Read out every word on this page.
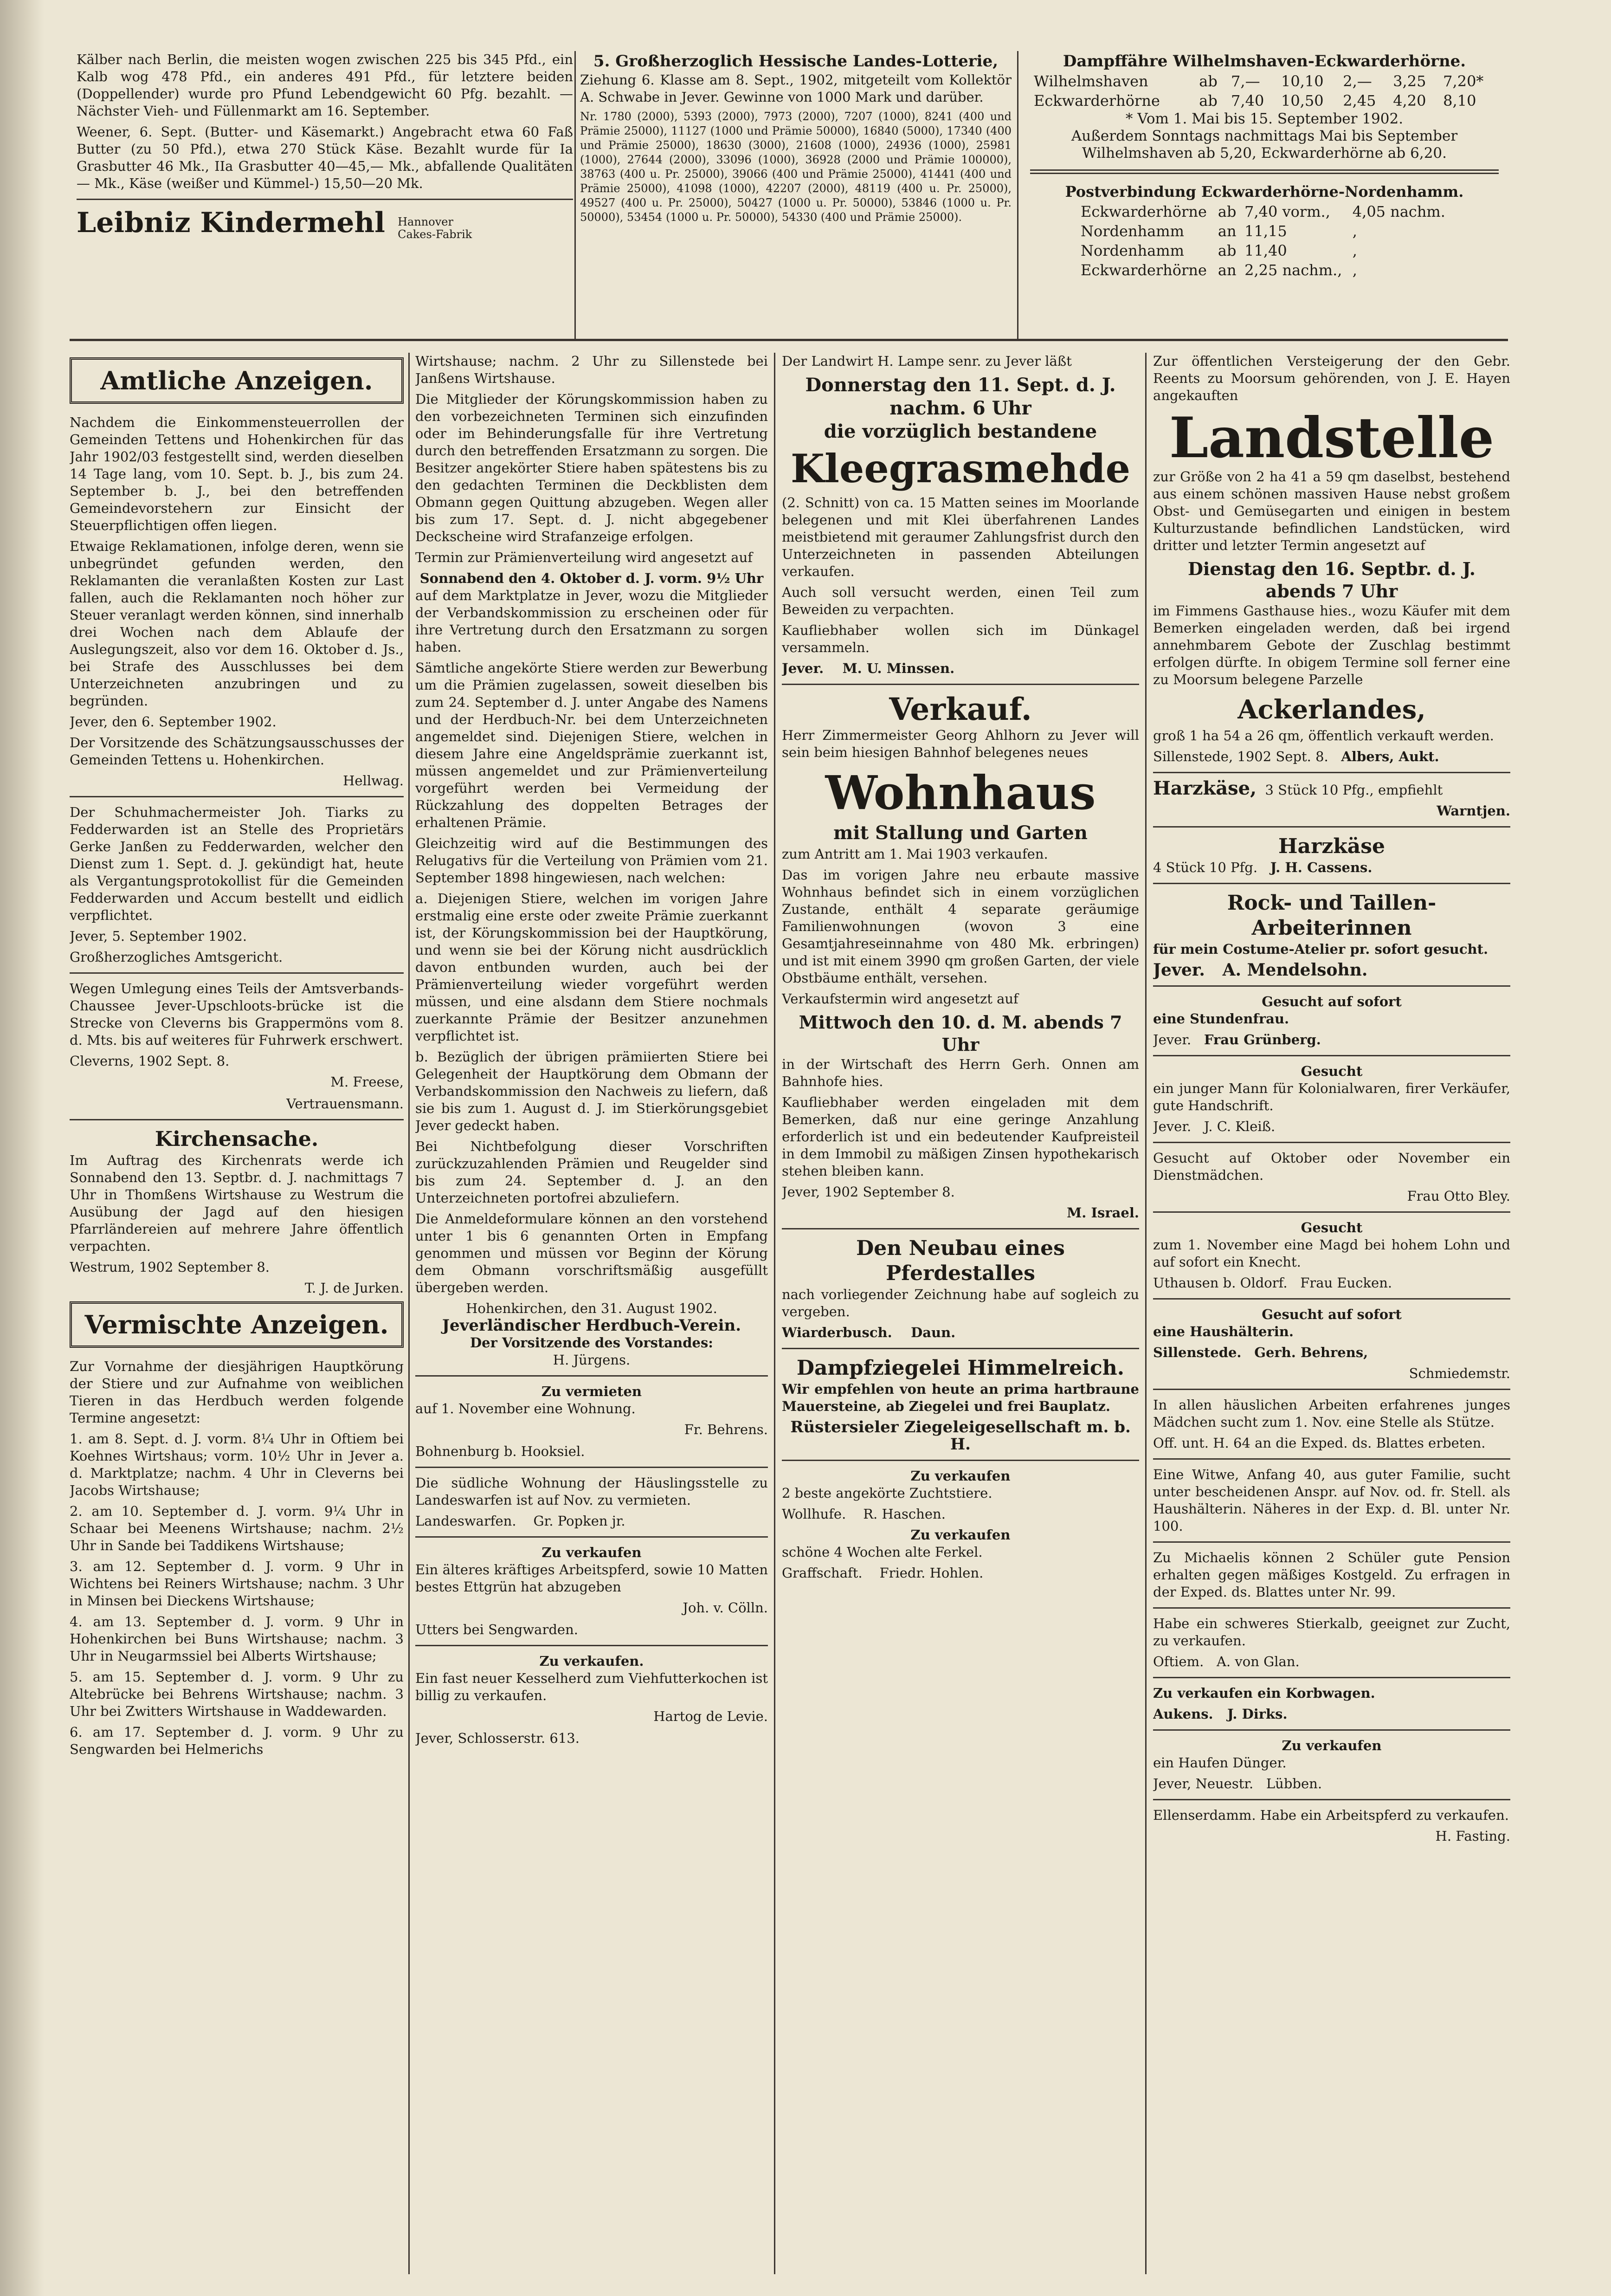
Kälber nach Berlin, die meisten wogen zwischen 225 bis 345 Pfd., ein Kalb wog 478 Pfd., ein anderes 491 Pfd., für letztere beiden (Doppellender) wurde pro Pfund Lebendgewicht 60 Pfg. bezahlt. — Nächster Vieh- und Füllenmarkt am 16. September.

Weener, 6. Sept. (Butter- und Käsemarkt.) Angebracht etwa 60 Faß Butter (zu 50 Pfd.), etwa 270 Stück Käse. Bezahlt wurde für Ia Grasbutter 46 Mk., IIa Grasbutter 40—45,— Mk., abfallende Qualitäten — Mk., Käse (weißer und Kümmel-) 15,50—20 Mk.

Leibniz Kindermehl Hannover
Cakes-Fabrik
5. Großherzoglich Hessische Landes-Lotterie,

Ziehung 6. Klasse am 8. Sept., 1902, mitgeteilt vom Kollektör A. Schwabe in Jever. Gewinne von 1000 Mark und darüber.

Nr. 1780 (2000), 5393 (2000), 7973 (2000), 7207 (1000), 8241 (400 und Prämie 25000), 11127 (1000 und Prämie 50000), 16840 (5000), 17340 (400 und Prämie 25000), 18630 (3000), 21608 (1000), 24936 (1000), 25981 (1000), 27644 (2000), 33096 (1000), 36928 (2000 und Prämie 100000), 38763 (400 u. Pr. 25000), 39066 (400 und Prämie 25000), 41441 (400 und Prämie 25000), 41098 (1000), 42207 (2000), 48119 (400 u. Pr. 25000), 49527 (400 u. Pr. 25000), 50427 (1000 u. Pr. 50000), 53846 (1000 u. Pr. 50000), 53454 (1000 u. Pr. 50000), 54330 (400 und Prämie 25000).

Dampffähre Wilhelmshaven-Eckwarderhörne.
Wilhelmshaven	ab	7,—	10,10	2,—	3,25	7,20*
Eckwarderhörne	ab	7,40	10,50	2,45	4,20	8,10
* Vom 1. Mai bis 15. September 1902.
Außerdem Sonntags nachmittags Mai bis September Wilhelmshaven ab 5,20, Eckwarderhörne ab 6,20.
Postverbindung Eckwarderhörne-Nordenhamm.
Eckwarderhörne	ab	7,40 vorm.,	4,05 nachm.
Nordenhamm	an	11,15	,
Nordenhamm	ab	11,40	,
Eckwarderhörne	an	2,25 nachm.,	,
Amtliche Anzeigen.

Nachdem die Einkommensteuerrollen der Gemeinden Tettens und Hohenkirchen für das Jahr 1902/03 festgestellt sind, werden dieselben 14 Tage lang, vom 10. Sept. b. J., bis zum 24. September b. J., bei den betreffenden Gemeindevorstehern zur Einsicht der Steuerpflichtigen offen liegen.

Etwaige Reklamationen, infolge deren, wenn sie unbegründet gefunden werden, den Reklamanten die veranlaßten Kosten zur Last fallen, auch die Reklamanten noch höher zur Steuer veranlagt werden können, sind innerhalb drei Wochen nach dem Ablaufe der Auslegungszeit, also vor dem 16. Oktober d. Js., bei Strafe des Ausschlusses bei dem Unterzeichneten anzubringen und zu begründen.

Jever, den 6. September 1902.

Der Vorsitzende des Schätzungsausschusses der Gemeinden Tettens u. Hohenkirchen.

Hellwag.

Der Schuhmachermeister Joh. Tiarks zu Fedderwarden ist an Stelle des Proprietärs Gerke Janßen zu Fedderwarden, welcher den Dienst zum 1. Sept. d. J. gekündigt hat, heute als Vergantungsprotokollist für die Gemeinden Fedderwarden und Accum bestellt und eidlich verpflichtet.

Jever, 5. September 1902.

Großherzogliches Amtsgericht.

Wegen Umlegung eines Teils der Amtsverbands-Chaussee Jever-Upschloots-brücke ist die Strecke von Cleverns bis Grappermöns vom 8. d. Mts. bis auf weiteres für Fuhrwerk erschwert.

Cleverns, 1902 Sept. 8.

M. Freese,
Vertrauensmann.
Kirchensache.

Im Auftrag des Kirchenrats werde ich Sonnabend den 13. Septbr. d. J. nachmittags 7 Uhr in Thomßens Wirtshause zu Westrum die Ausübung der Jagd auf den hiesigen Pfarrländereien auf mehrere Jahre öffentlich verpachten.

Westrum, 1902 September 8.

T. J. de Jurken.
Vermischte Anzeigen.

Zur Vornahme der diesjährigen Hauptkörung der Stiere und zur Aufnahme von weiblichen Tieren in das Herdbuch werden folgende Termine angesetzt:

1. am 8. Sept. d. J. vorm. 8¼ Uhr in Oftiem bei Koehnes Wirtshaus; vorm. 10½ Uhr in Jever a. d. Marktplatze; nachm. 4 Uhr in Cleverns bei Jacobs Wirtshause;

2. am 10. September d. J. vorm. 9¼ Uhr in Schaar bei Meenens Wirtshause; nachm. 2½ Uhr in Sande bei Taddikens Wirtshause;

3. am 12. September d. J. vorm. 9 Uhr in Wichtens bei Reiners Wirtshause; nachm. 3 Uhr in Minsen bei Dieckens Wirtshause;

4. am 13. September d. J. vorm. 9 Uhr in Hohenkirchen bei Buns Wirtshause; nachm. 3 Uhr in Neugarmssiel bei Alberts Wirtshause;

5. am 15. September d. J. vorm. 9 Uhr zu Altebrücke bei Behrens Wirtshause; nachm. 3 Uhr bei Zwitters Wirtshause in Waddewarden.

6. am 17. September d. J. vorm. 9 Uhr zu Sengwarden bei Helmerichs

Wirtshause; nachm. 2 Uhr zu Sillenstede bei Janßens Wirtshause.

Die Mitglieder der Körungskommission haben zu den vorbezeichneten Terminen sich einzufinden oder im Behinderungsfalle für ihre Vertretung durch den betreffenden Ersatzmann zu sorgen. Die Besitzer angekörter Stiere haben spätestens bis zu den gedachten Terminen die Deckblisten dem Obmann gegen Quittung abzugeben. Wegen aller bis zum 17. Sept. d. J. nicht abgegebener Deckscheine wird Strafanzeige erfolgen.

Termin zur Prämienverteilung wird angesetzt auf

Sonnabend den 4. Oktober d. J. vorm. 9½ Uhr

auf dem Marktplatze in Jever, wozu die Mitglieder der Verbandskommission zu erscheinen oder für ihre Vertretung durch den Ersatzmann zu sorgen haben.

Sämtliche angekörte Stiere werden zur Bewerbung um die Prämien zugelassen, soweit dieselben bis zum 24. September d. J. unter Angabe des Namens und der Herdbuch-Nr. bei dem Unterzeichneten angemeldet sind. Diejenigen Stiere, welchen in diesem Jahre eine Angeldsprämie zuerkannt ist, müssen angemeldet und zur Prämienverteilung vorgeführt werden bei Vermeidung der Rückzahlung des doppelten Betrages der erhaltenen Prämie.

Gleichzeitig wird auf die Bestimmungen des Relugativs für die Verteilung von Prämien vom 21. September 1898 hingewiesen, nach welchen:

a. Diejenigen Stiere, welchen im vorigen Jahre erstmalig eine erste oder zweite Prämie zuerkannt ist, der Körungskommission bei der Hauptkörung, und wenn sie bei der Körung nicht ausdrücklich davon entbunden wurden, auch bei der Prämienverteilung wieder vorgeführt werden müssen, und eine alsdann dem Stiere nochmals zuerkannte Prämie der Besitzer anzunehmen verpflichtet ist.

b. Bezüglich der übrigen prämiierten Stiere bei Gelegenheit der Hauptkörung dem Obmann der Verbandskommission den Nachweis zu liefern, daß sie bis zum 1. August d. J. im Stierkörungsgebiet Jever gedeckt haben.

Bei Nichtbefolgung dieser Vorschriften zurückzuzahlenden Prämien und Reugelder sind bis zum 24. September d. J. an den Unterzeichneten portofrei abzuliefern.

Die Anmeldeformulare können an den vorstehend unter 1 bis 6 genannten Orten in Empfang genommen und müssen vor Beginn der Körung dem Obmann vorschriftsmäßig ausgefüllt übergeben werden.

Hohenkirchen, den 31. August 1902.
Jeverländischer Herdbuch-Verein.
Der Vorsitzende des Vorstandes:
H. Jürgens.
Zu vermieten

auf 1. November eine Wohnung.

Fr. Behrens.

Bohnenburg b. Hooksiel.

Die südliche Wohnung der Häuslingsstelle zu Landeswarfen ist auf Nov. zu vermieten.

Landeswarfen. Gr. Popken jr.

Zu verkaufen

Ein älteres kräftiges Arbeitspferd, sowie 10 Matten bestes Ettgrün hat abzugeben

Joh. v. Cölln.

Utters bei Sengwarden.

Zu verkaufen.

Ein fast neuer Kesselherd zum Viehfutterkochen ist billig zu verkaufen.

Hartog de Levie.

Jever, Schlosserstr. 613.

Der Landwirt H. Lampe senr. zu Jever läßt

Donnerstag den 11. Sept. d. J.
nachm. 6 Uhr
die vorzüglich bestandene
Kleegrasmehde

(2. Schnitt) von ca. 15 Matten seines im Moorlande belegenen und mit Klei überfahrenen Landes meistbietend mit geraumer Zahlungsfrist durch den Unterzeichneten in passenden Abteilungen verkaufen.

Auch soll versucht werden, einen Teil zum Beweiden zu verpachten.

Kaufliebhaber wollen sich im Dünkagel versammeln.

Jever. M. U. Minssen.

Verkauf.

Herr Zimmermeister Georg Ahlhorn zu Jever will sein beim hiesigen Bahnhof belegenes neues

Wohnhaus
mit Stallung und Garten

zum Antritt am 1. Mai 1903 verkaufen.

Das im vorigen Jahre neu erbaute massive Wohnhaus befindet sich in einem vorzüglichen Zustande, enthält 4 separate geräumige Familienwohnungen (wovon 3 eine Gesamtjahreseinnahme von 480 Mk. erbringen) und ist mit einem 3990 qm großen Garten, der viele Obstbäume enthält, versehen.

Verkaufstermin wird angesetzt auf

Mittwoch den 10. d. M. abends 7 Uhr

in der Wirtschaft des Herrn Gerh. Onnen am Bahnhofe hies.

Kaufliebhaber werden eingeladen mit dem Bemerken, daß nur eine geringe Anzahlung erforderlich ist und ein bedeutender Kaufpreisteil in dem Immobil zu mäßigen Zinsen hypothekarisch stehen bleiben kann.

Jever, 1902 September 8.

M. Israel.
Den Neubau eines Pferdestalles

nach vorliegender Zeichnung habe auf sogleich zu vergeben.

Wiarderbusch. Daun.

Dampfziegelei Himmelreich.

Wir empfehlen von heute an prima hartbraune Mauersteine, ab Ziegelei und frei Bauplatz.

Rüstersieler Ziegeleigesellschaft m. b. H.
Zu verkaufen

2 beste angekörte Zuchtstiere.

Wollhufe. R. Haschen.

Zu verkaufen

schöne 4 Wochen alte Ferkel.

Graffschaft. Friedr. Hohlen.

Zur öffentlichen Versteigerung der den Gebr. Reents zu Moorsum gehörenden, von J. E. Hayen angekauften

Landstelle

zur Größe von 2 ha 41 a 59 qm daselbst, bestehend aus einem schönen massiven Hause nebst großem Obst- und Gemüsegarten und einigen in bestem Kulturzustande befindlichen Landstücken, wird dritter und letzter Termin angesetzt auf

Dienstag den 16. Septbr. d. J. abends 7 Uhr

im Fimmens Gasthause hies., wozu Käufer mit dem Bemerken eingeladen werden, daß bei irgend annehmbarem Gebote der Zuschlag bestimmt erfolgen dürfte. In obigem Termine soll ferner eine zu Moorsum belegene Parzelle

Ackerlandes,

groß 1 ha 54 a 26 qm, öffentlich verkauft werden.

Sillenstede, 1902 Sept. 8. Albers, Aukt.

Harzkäse, 3 Stück 10 Pfg., empfiehlt

Warntjen.
Harzkäse

4 Stück 10 Pfg. J. H. Cassens.

Rock- und Taillen-Arbeiterinnen

für mein Costume-Atelier pr. sofort gesucht.

Jever. A. Mendelsohn.

Gesucht auf sofort

eine Stundenfrau.

Jever. Frau Grünberg.

Gesucht

ein junger Mann für Kolonialwaren, firer Verkäufer, gute Handschrift.

Jever. J. C. Kleiß.

Gesucht auf Oktober oder November ein Dienstmädchen.

Frau Otto Bley.
Gesucht

zum 1. November eine Magd bei hohem Lohn und auf sofort ein Knecht.

Uthausen b. Oldorf. Frau Eucken.

Gesucht auf sofort

eine Haushälterin.

Sillenstede. Gerh. Behrens,

Schmiedemstr.

In allen häuslichen Arbeiten erfahrenes junges Mädchen sucht zum 1. Nov. eine Stelle als Stütze.

Off. unt. H. 64 an die Exped. ds. Blattes erbeten.

Eine Witwe, Anfang 40, aus guter Familie, sucht unter bescheidenen Anspr. auf Nov. od. fr. Stell. als Haushälterin. Näheres in der Exp. d. Bl. unter Nr. 100.

Zu Michaelis können 2 Schüler gute Pension erhalten gegen mäßiges Kostgeld. Zu erfragen in der Exped. ds. Blattes unter Nr. 99.

Habe ein schweres Stierkalb, geeignet zur Zucht, zu verkaufen.

Oftiem. A. von Glan.

Zu verkaufen ein Korbwagen.

Aukens. J. Dirks.

Zu verkaufen

ein Haufen Dünger.

Jever, Neuestr. Lübben.

Ellenserdamm. Habe ein Arbeitspferd zu verkaufen.

H. Fasting.
